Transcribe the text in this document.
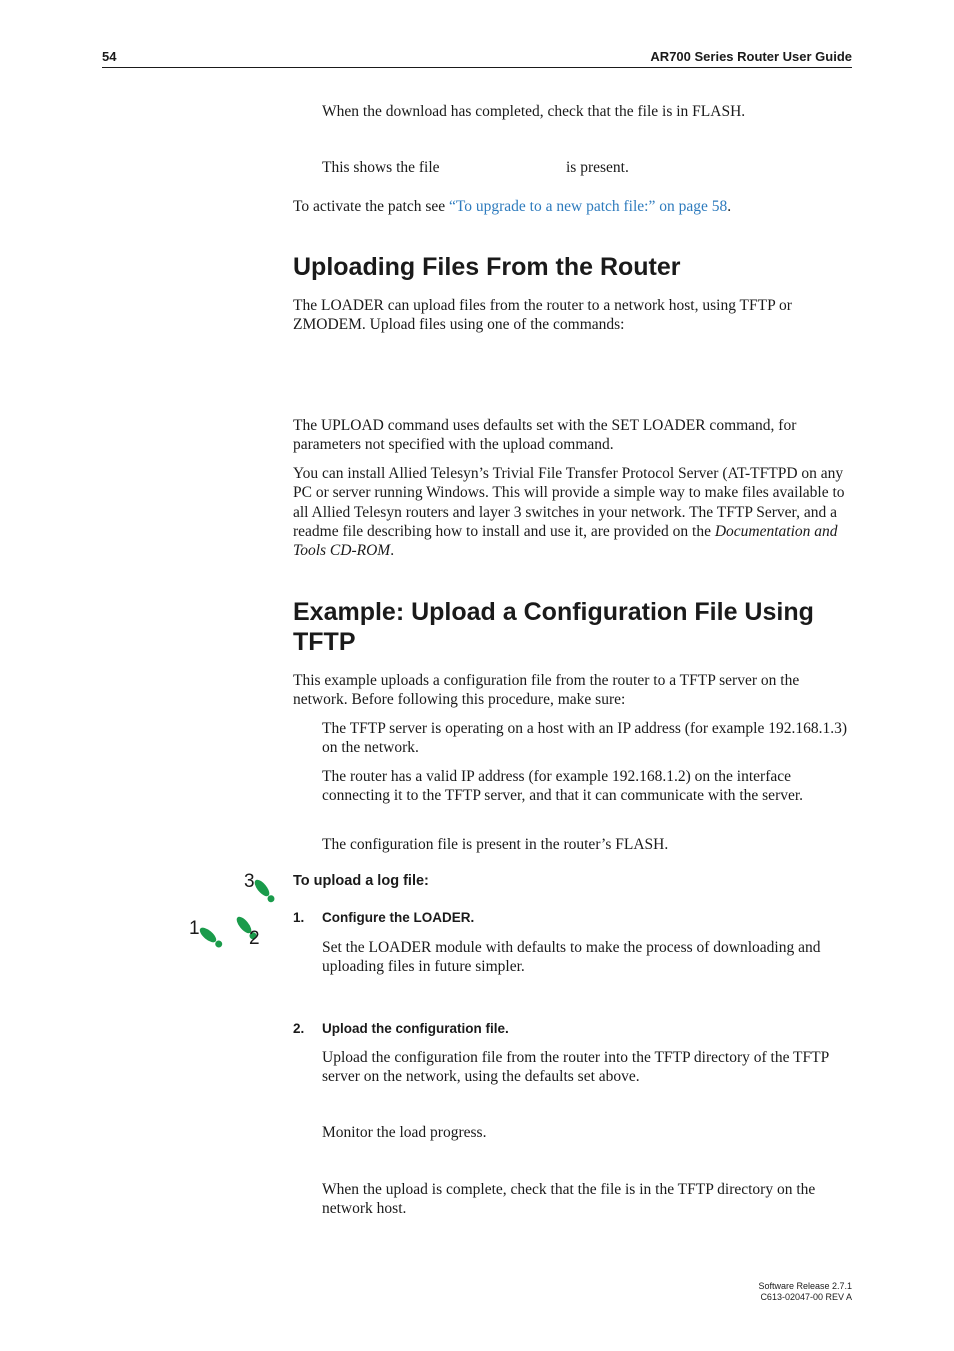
54	AR700 Series Router User Guide
When the download has completed, check that the file is in FLASH.
This shows the file	is present.
To activate the patch see “To upgrade to a new patch file:” on page 58.
Uploading Files From the Router
The LOADER can upload files from the router to a network host, using TFTP or ZMODEM. Upload files using one of the commands:
The UPLOAD command uses defaults set with the SET LOADER command, for parameters not specified with the upload command.
You can install Allied Telesyn’s Trivial File Transfer Protocol Server (AT-TFTPD on any PC or server running Windows. This will provide a simple way to make files available to all Allied Telesyn routers and layer 3 switches in your network. The TFTP Server, and a readme file describing how to install and use it, are provided on the Documentation and Tools CD-ROM.
Example: Upload a Configuration File Using TFTP
This example uploads a configuration file from the router to a TFTP server on the network. Before following this procedure, make sure:
The TFTP server is operating on a host with an IP address (for example 192.168.1.3) on the network.
The router has a valid IP address (for example 192.168.1.2) on the interface connecting it to the TFTP server, and that it can communicate with the server.
The configuration file is present in the router’s FLASH.
1	2
3	To upload a log file:
1. Configure the LOADER.
Set the LOADER module with defaults to make the process of downloading and uploading files in future simpler.
2. Upload the configuration file.
Upload the configuration file from the router into the TFTP directory of the TFTP server on the network, using the defaults set above.
Monitor the load progress.
When the upload is complete, check that the file is in the TFTP directory on the network host.
Software Release 2.7.1
C613-02047-00 REV A
